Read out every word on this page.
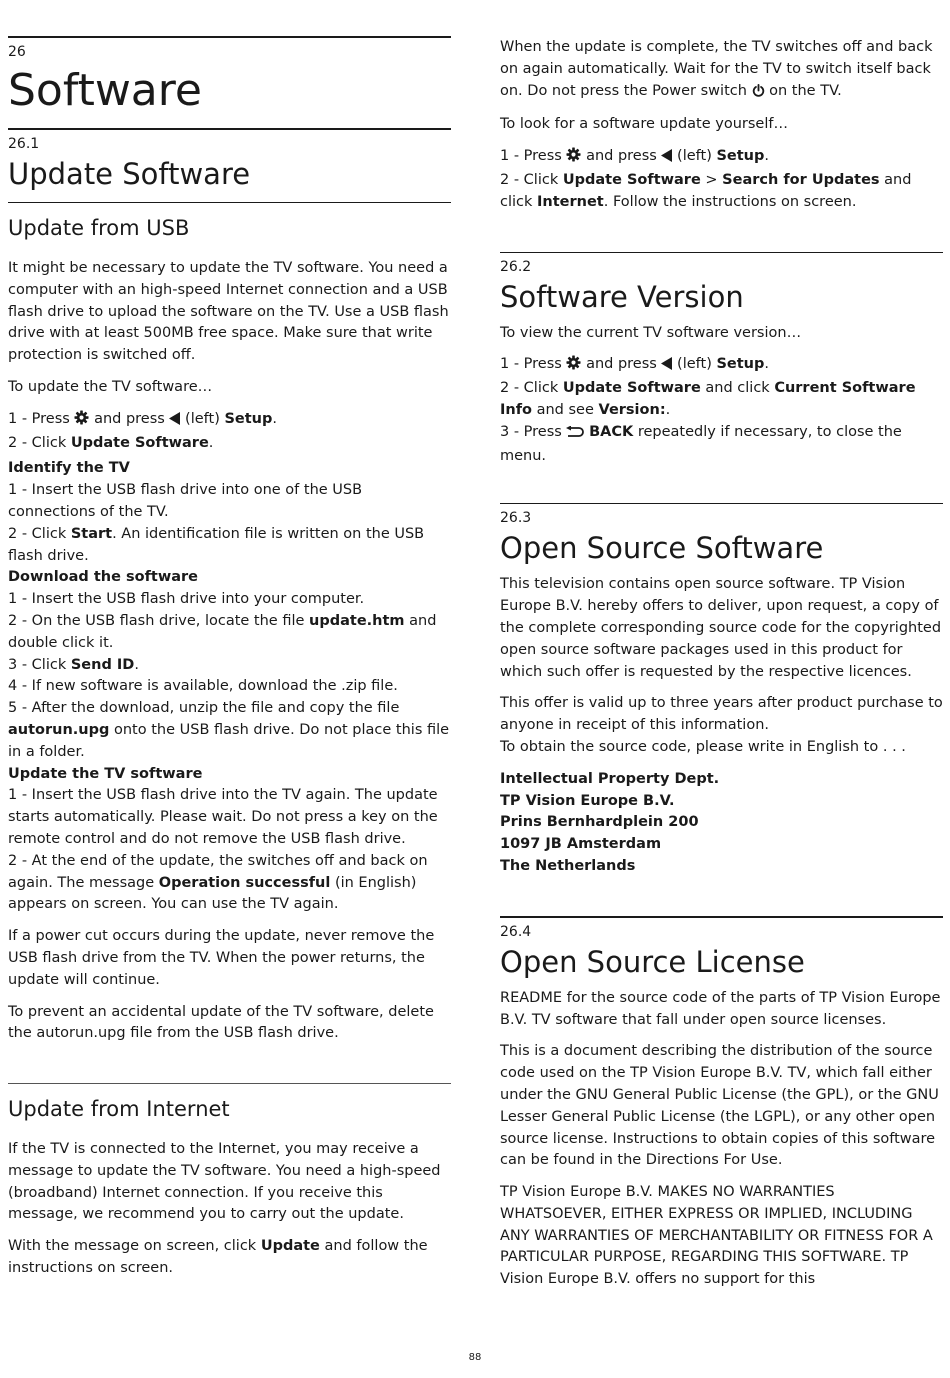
26
Software
26.1
Update Software
Update from USB

It might be necessary to update the TV software. You need a computer with an high-speed Internet connection and a USB flash drive to upload the software on the TV. Use a USB flash drive with at least 500MB free space. Make sure that write protection is switched off.

To update the TV software…

1 - Press and press (left) Setup.
2 - Click Update Software.
Identify the TV
1 - Insert the USB flash drive into one of the USB connections of the TV.
2 - Click Start. An identification file is written on the USB flash drive.
Download the software
1 - Insert the USB flash drive into your computer.
2 - On the USB flash drive, locate the file update.htm and double click it.
3 - Click Send ID.
4 - If new software is available, download the .zip file.
5 - After the download, unzip the file and copy the file autorun.upg onto the USB flash drive. Do not place this file in a folder.
Update the TV software
1 - Insert the USB flash drive into the TV again. The update starts automatically. Please wait. Do not press a key on the remote control and do not remove the USB flash drive.
2 - At the end of the update, the switches off and back on again. The message Operation successful (in English) appears on screen. You can use the TV again.

If a power cut occurs during the update, never remove the USB flash drive from the TV. When the power returns, the update will continue.

To prevent an accidental update of the TV software, delete the autorun.upg file from the USB flash drive.

Update from Internet

If the TV is connected to the Internet, you may receive a message to update the TV software. You need a high-speed (broadband) Internet connection. If you receive this message, we recommend you to carry out the update.

With the message on screen, click Update and follow the instructions on screen.

When the update is complete, the TV switches off and back on again automatically. Wait for the TV to switch itself back on. Do not press the Power switch on the TV.

To look for a software update yourself…

1 - Press and press (left) Setup.
2 - Click Update Software > Search for Updates and click Internet. Follow the instructions on screen.
26.2
Software Version

To view the current TV software version…

1 - Press and press (left) Setup.
2 - Click Update Software and click Current Software Info and see Version:.
3 - Press BACK repeatedly if necessary, to close the menu.
26.3
Open Source Software

This television contains open source software. TP Vision Europe B.V. hereby offers to deliver, upon request, a copy of the complete corresponding source code for the copyrighted open source software packages used in this product for which such offer is requested by the respective licences.

This offer is valid up to three years after product purchase to anyone in receipt of this information.
To obtain the source code, please write in English to . . .
Intellectual Property Dept.
TP Vision Europe B.V.
Prins Bernhardplein 200
1097 JB Amsterdam
The Netherlands
26.4
Open Source License

README for the source code of the parts of TP Vision Europe B.V. TV software that fall under open source licenses.

This is a document describing the distribution of the source code used on the TP Vision Europe B.V. TV, which fall either under the GNU General Public License (the GPL), or the GNU Lesser General Public License (the LGPL), or any other open source license. Instructions to obtain copies of this software can be found in the Directions For Use.

TP Vision Europe B.V. MAKES NO WARRANTIES WHATSOEVER, EITHER EXPRESS OR IMPLIED, INCLUDING ANY WARRANTIES OF MERCHANTABILITY OR FITNESS FOR A PARTICULAR PURPOSE, REGARDING THIS SOFTWARE. TP Vision Europe B.V. offers no support for this

88
